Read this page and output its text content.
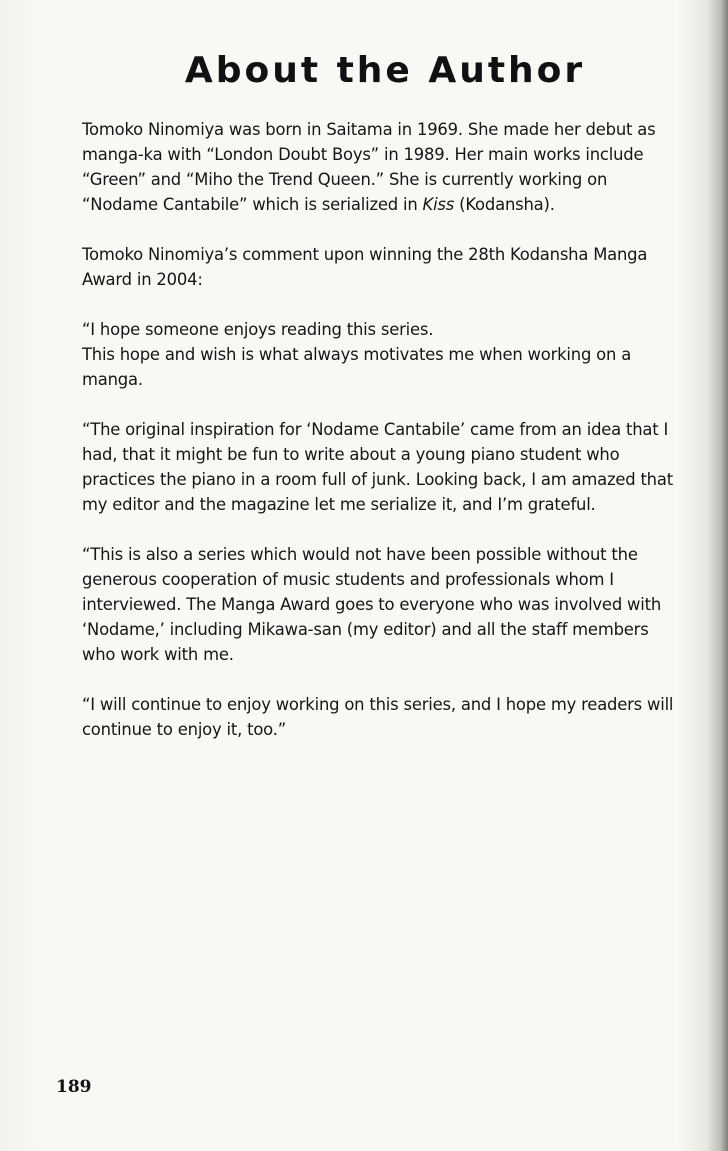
About the Author

Tomoko Ninomiya was born in Saitama in 1969. She made her debut as manga-ka with “London Doubt Boys” in 1989. Her main works include “Green” and “Miho the Trend Queen.” She is currently working on “Nodame Cantabile” which is serialized in Kiss (Kodansha).

Tomoko Ninomiya’s comment upon winning the 28th Kodansha Manga Award in 2004:

“I hope someone enjoys reading this series.

This hope and wish is what always motivates me when working on a manga.

“The original inspiration for ‘Nodame Cantabile’ came from an idea that I had, that it might be fun to write about a young piano student who practices the piano in a room full of junk. Looking back, I am amazed that my editor and the magazine let me serialize it, and I’m grateful.

“This is also a series which would not have been possible without the generous cooperation of music students and professionals whom I interviewed. The Manga Award goes to everyone who was involved with ‘Nodame,’ including Mikawa-san (my editor) and all the staff members who work with me.

“I will continue to enjoy working on this series, and I hope my readers will continue to enjoy it, too.”

189
